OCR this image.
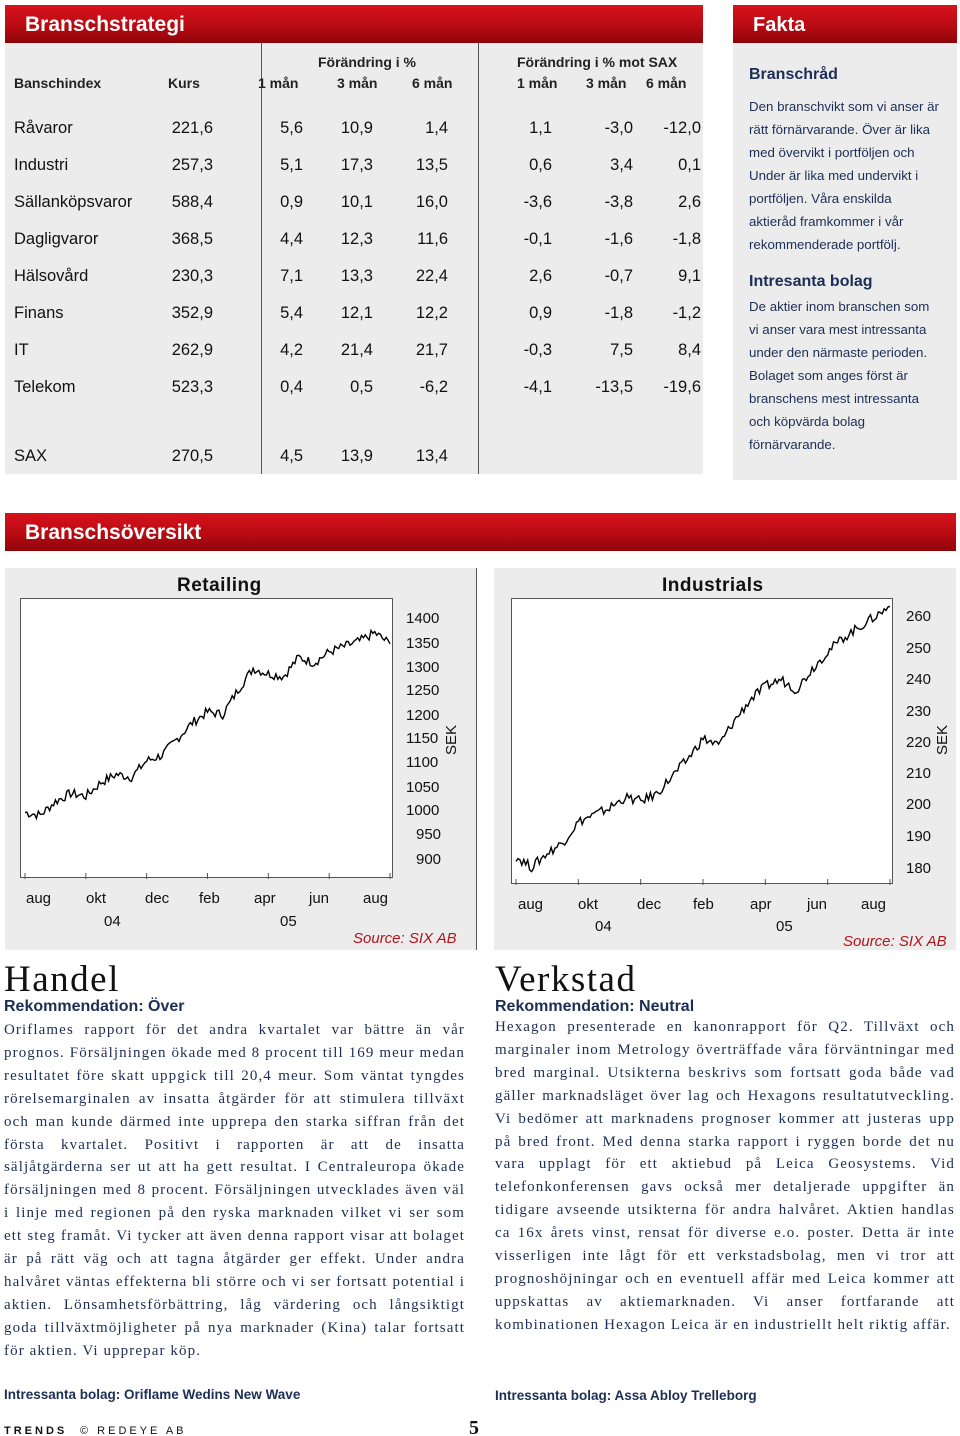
Branschstrategi
Förändring i %	Förändring i % mot SAX
Banschindex	Kurs	1 mån	3 mån 6 mån	1 mån 3 mån 6 mån
Råvaror	221,6	5,6	10,9	1,4	1,1	-3,0	-12,0
Industri	257,3	5,1	17,3	13,5	0,6	3,4	0,1
Sällanköpsvaror	588,4	0,9	10,1	16,0	-3,6	-3,8	2,6
Dagligvaror	368,5	4,4	12,3	11,6	-0,1	-1,6	-1,8
Hälsovård	230,3	7,1	13,3	22,4	2,6	-0,7	9,1
Finans	352,9	5,4	12,1	12,2	0,9	-1,8	-1,2
IT	262,9	4,2	21,4	21,7	-0,3	7,5	8,4
Telekom	523,3	0,4	0,5	-6,2	-4,1	-13,5	-19,6
SAX	270,5	4,5	13,9	13,4
Fakta
Branschråd
Den branschvikt som vi anser är rätt förnärvarande. Över är lika med övervikt i portföljen och Under är lika med undervikt i portföljen. Våra enskilda aktieråd framkommer i vår rekommenderade portfölj.
Intresanta bolag
De aktier inom branschen som vi anser vara mest intressanta under den närmaste perioden. Bolaget som anges först är branschens mest intressanta och köpvärda bolag förnärvarande.
Branschsöversikt
Retailing
1400
1350
1300
1250
1200
1150
1100
1050
1000
950
900
SEK
aug okt	dec feb apr jun aug
04	05
Source: SIX AB
Industrials
260
250
240
230
220
210
200
190
180
SEK
aug okt	dec feb apr jun aug
04	05
Source: SIX AB
Handel
Rekommendation: Över
Oriflames rapport för det andra kvartalet var bättre än vår prognos. Försäljningen ökade med 8 procent till 169 meur medan resultatet före skatt uppgick till 20,4 meur. Som väntat tyngdes rörelsemarginalen av insatta åtgärder för att stimulera tillväxt och man kunde därmed inte upprepa den starka siffran från det första kvartalet. Positivt i rapporten är att de insatta säljåtgärderna ser ut att ha gett resultat. I Centraleuropa ökade försäljningen med 8 procent. Försäljningen utvecklades även väl i linje med regionen på den ryska marknaden vilket vi ser som ett steg framåt. Vi tycker att även denna rapport visar att bolaget är på rätt väg och att tagna åtgärder ger effekt. Under andra halvåret väntas effekterna bli större och vi ser fortsatt potential i aktien. Lönsamhetsförbättring, låg värdering och långsiktigt goda tillväxtmöjligheter på nya marknader (Kina) talar fortsatt för aktien. Vi upprepar köp.
Intressanta bolag: Oriflame Wedins New Wave
Verkstad
Rekommendation: Neutral
Hexagon presenterade en kanonrapport för Q2. Tillväxt och marginaler inom Metrology överträffade våra förväntningar med bred marginal. Utsikterna beskrivs som fortsatt goda både vad gäller marknadsläget över lag och Hexagons resultatutveckling. Vi bedömer att marknadens prognoser kommer att justeras upp på bred front. Med denna starka rapport i ryggen borde det nu vara upplagt för ett aktiebud på Leica Geosystems. Vid telefonkonferensen gavs också mer detaljerade uppgifter än tidigare avseende utsikterna för andra halvåret. Aktien handlas ca 16x årets vinst, rensat för diverse e.o. poster. Detta är inte visserligen inte lågt för ett verkstadsbolag, men vi tror att prognoshöjningar och en eventuell affär med Leica kommer att uppskattas av aktiemarknaden. Vi anser fortfarande att kombinationen Hexagon Leica är en industriellt helt riktig affär.
Intressanta bolag: Assa Abloy Trelleborg
TRENDS © REDEYE AB	5
